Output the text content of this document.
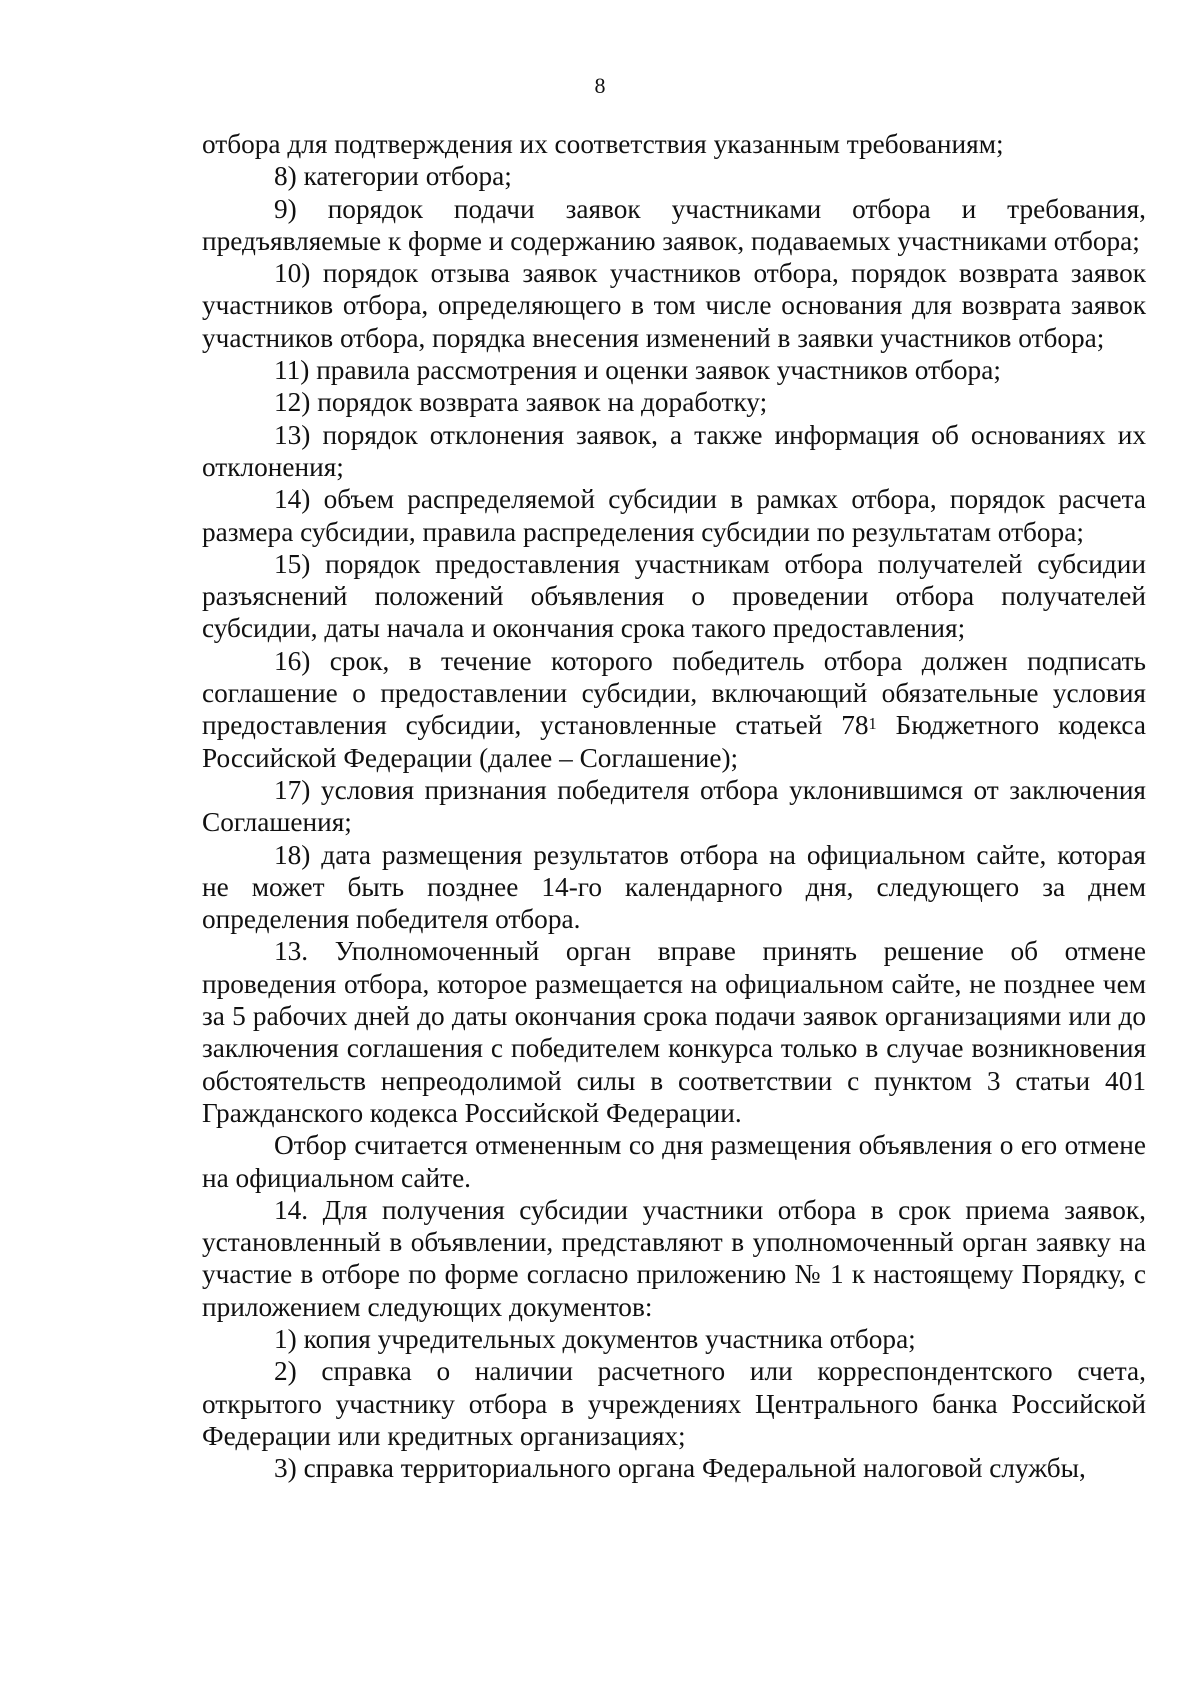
8

отбора для подтверждения их соответствия указанным требованиям;

8) категории отбора;

9) порядок подачи заявок участниками отбора и требования, предъявляемые к форме и содержанию заявок, подаваемых участниками отбора;

10) порядок отзыва заявок участников отбора, порядок возврата заявок участников отбора, определяющего в том числе основания для возврата заявок участников отбора, порядка внесения изменений в заявки участников отбора;

11) правила рассмотрения и оценки заявок участников отбора;

12) порядок возврата заявок на доработку;

13) порядок отклонения заявок, а также информация об основаниях их отклонения;

14) объем распределяемой субсидии в рамках отбора, порядок расчета размера субсидии, правила распределения субсидии по результатам отбора;

15) порядок предоставления участникам отбора получателей субсидии разъяснений положений объявления о проведении отбора получателей субсидии, даты начала и окончания срока такого предоставления;

16) срок, в течение которого победитель отбора должен подписать соглашение о предоставлении субсидии, включающий обязательные условия предоставления субсидии, установленные статьей $78^1$ Бюджетного кодекса Российской Федерации (далее – Соглашение);

17) условия признания победителя отбора уклонившимся от заключения Соглашения;

18) дата размещения результатов отбора на официальном сайте, которая не может быть позднее 14-го календарного дня, следующего за днем определения победителя отбора.

13. Уполномоченный орган вправе принять решение об отмене проведения отбора, которое размещается на официальном сайте, не позднее чем за 5 рабочих дней до даты окончания срока подачи заявок организациями или до заключения соглашения с победителем конкурса только в случае возникновения обстоятельств непреодолимой силы в соответствии с пунктом 3 статьи 401 Гражданского кодекса Российской Федерации.

Отбор считается отмененным со дня размещения объявления о его отмене на официальном сайте.

14. Для получения субсидии участники отбора в срок приема заявок, установленный в объявлении, представляют в уполномоченный орган заявку на участие в отборе по форме согласно приложению № 1 к настоящему Порядку, с приложением следующих документов:

1) копия учредительных документов участника отбора;

2) справка о наличии расчетного или корреспондентского счета, открытого участнику отбора в учреждениях Центрального банка Российской Федерации или кредитных организациях;

3) справка территориального органа Федеральной налоговой службы,
